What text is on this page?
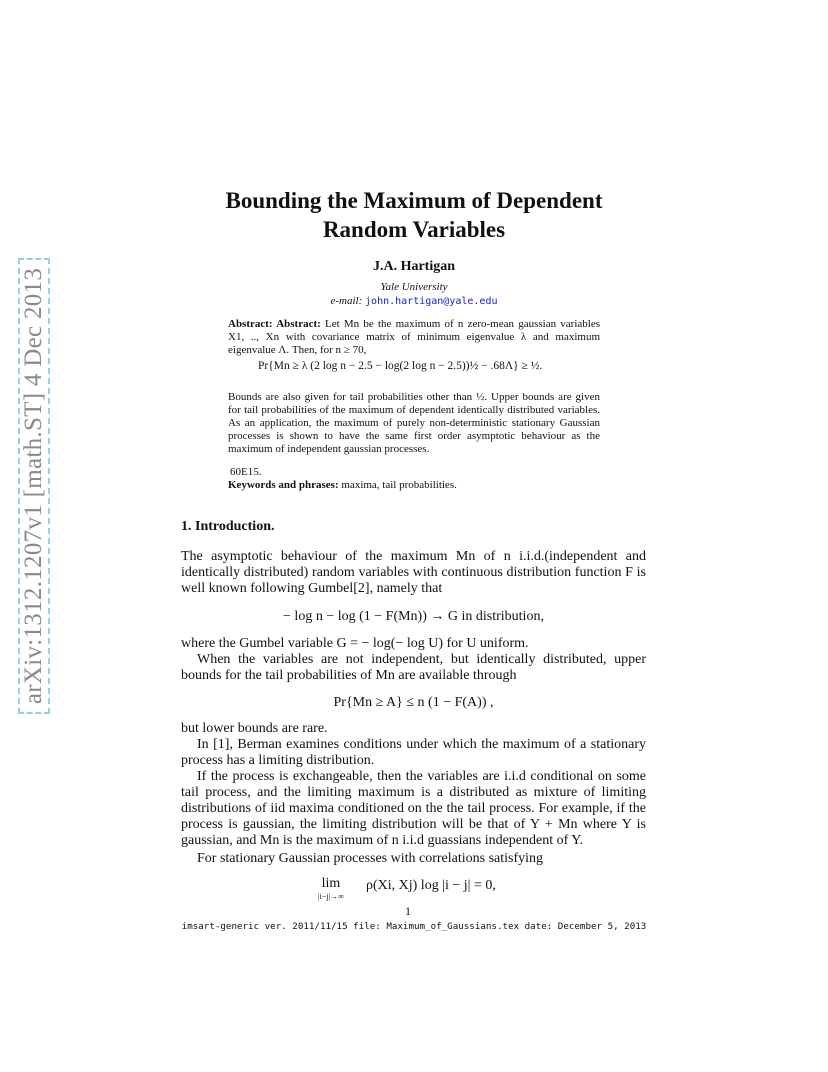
arXiv:1312.1207v1 [math.ST] 4 Dec 2013
Bounding the Maximum of Dependent
Random Variables
J.A. Hartigan
Yale University
e-mail: john.hartigan@yale.edu
Abstract: Abstract: Let Mn be the maximum of n zero-mean gaussian variables X1, .., Xn with covariance matrix of minimum eigenvalue λ and maximum eigenvalue Λ. Then, for n ≥ 70,
Pr{Mn ≥ λ (2 log n − 2.5 − log(2 log n − 2.5))½ − .68Λ} ≥ ½.
Bounds are also given for tail probabilities other than ½. Upper bounds are given for tail probabilities of the maximum of dependent identically distributed variables. As an application, the maximum of purely non-deterministic stationary Gaussian processes is shown to have the same first order asymptotic behaviour as the maximum of independent gaussian processes.
60E15.
Keywords and phrases: maxima, tail probabilities.
1. Introduction.
The asymptotic behaviour of the maximum Mn of n i.i.d.(independent and identically distributed) random variables with continuous distribution function F is well known following Gumbel[2], namely that
− log n − log (1 − F(Mn)) → G in distribution,
where the Gumbel variable G = − log(− log U) for U uniform.
When the variables are not independent, but identically distributed, upper bounds for the tail probabilities of Mn are available through
Pr{Mn ≥ A} ≤ n (1 − F(A)) ,
but lower bounds are rare.
In [1], Berman examines conditions under which the maximum of a stationary process has a limiting distribution.
If the process is exchangeable, then the variables are i.i.d conditional on some tail process, and the limiting maximum is a distributed as mixture of limiting distributions of iid maxima conditioned on the the tail process. For example, if the process is gaussian, the limiting distribution will be that of Y + Mn where Y is gaussian, and Mn is the maximum of n i.i.d guassians independent of Y.
For stationary Gaussian processes with correlations satisfying
lim
|i−j|→∞
ρ(Xi, Xj) log |i − j| = 0,
1
imsart-generic ver. 2011/11/15 file: Maximum_of_Gaussians.tex date: December 5, 2013
